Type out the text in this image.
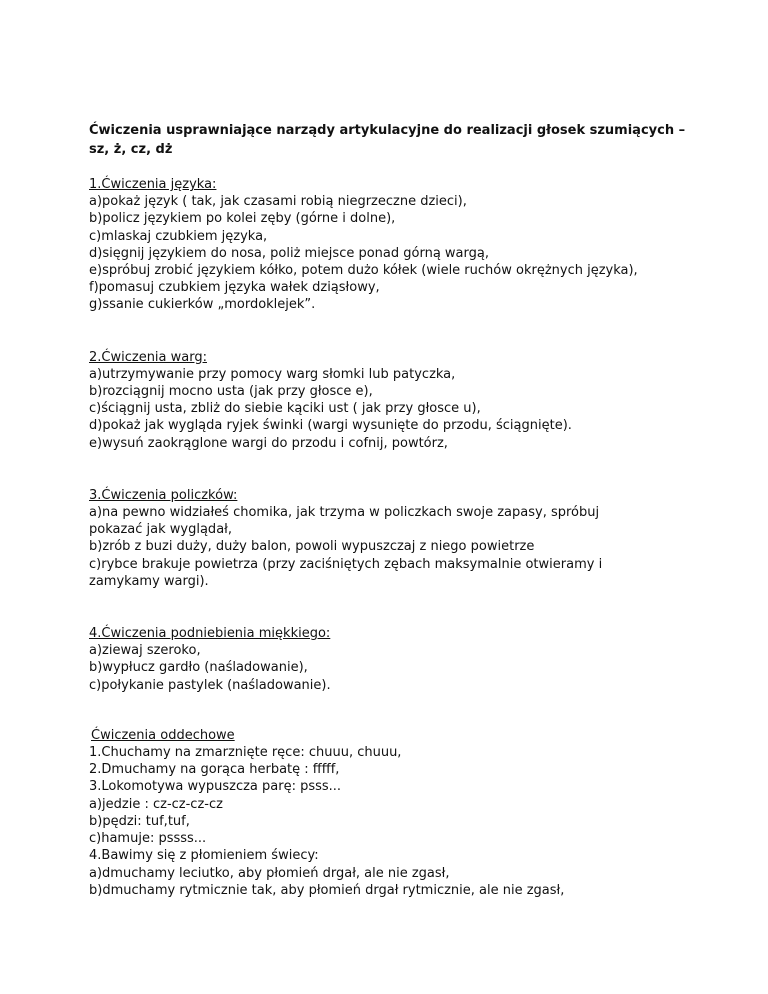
Ćwiczenia usprawniające narządy artykulacyjne do realizacji głosek szumiących –
sz, ż, cz, dż

1.Ćwiczenia języka:

a)pokaż język ( tak, jak czasami robią niegrzeczne dzieci),

b)policz językiem po kolei zęby (górne i dolne),

c)mlaskaj czubkiem języka,

d)sięgnij językiem do nosa, poliż miejsce ponad górną wargą,

e)spróbuj zrobić językiem kółko, potem dużo kółek (wiele ruchów okrężnych języka),

f)pomasuj czubkiem języka wałek dziąsłowy,

g)ssanie cukierków „mordoklejek”.

2.Ćwiczenia warg:

a)utrzymywanie przy pomocy warg słomki lub patyczka,

b)rozciągnij mocno usta (jak przy głosce e),

c)ściągnij usta, zbliż do siebie kąciki ust ( jak przy głosce u),

d)pokaż jak wygląda ryjek świnki (wargi wysunięte do przodu, ściągnięte).

e)wysuń zaokrąglone wargi do przodu i cofnij, powtórz,

3.Ćwiczenia policzków:

a)na pewno widziałeś chomika, jak trzyma w policzkach swoje zapasy, spróbuj

pokazać jak wyglądał,

b)zrób z buzi duży, duży balon, powoli wypuszczaj z niego powietrze

c)rybce brakuje powietrza (przy zaciśniętych zębach maksymalnie otwieramy i

zamykamy wargi).

4.Ćwiczenia podniebienia miękkiego:

a)ziewaj szeroko,

b)wypłucz gardło (naśladowanie),

c)połykanie pastylek (naśladowanie).

Ćwiczenia oddechowe

1.Chuchamy na zmarznięte ręce: chuuu, chuuu,

2.Dmuchamy na gorąca herbatę : fffff,

3.Lokomotywa wypuszcza parę: psss...

a)jedzie : cz-cz-cz-cz

b)pędzi: tuf,tuf,

c)hamuje: pssss...

4.Bawimy się z płomieniem świecy:

a)dmuchamy leciutko, aby płomień drgał, ale nie zgasł,

b)dmuchamy rytmicznie tak, aby płomień drgał rytmicznie, ale nie zgasł,
